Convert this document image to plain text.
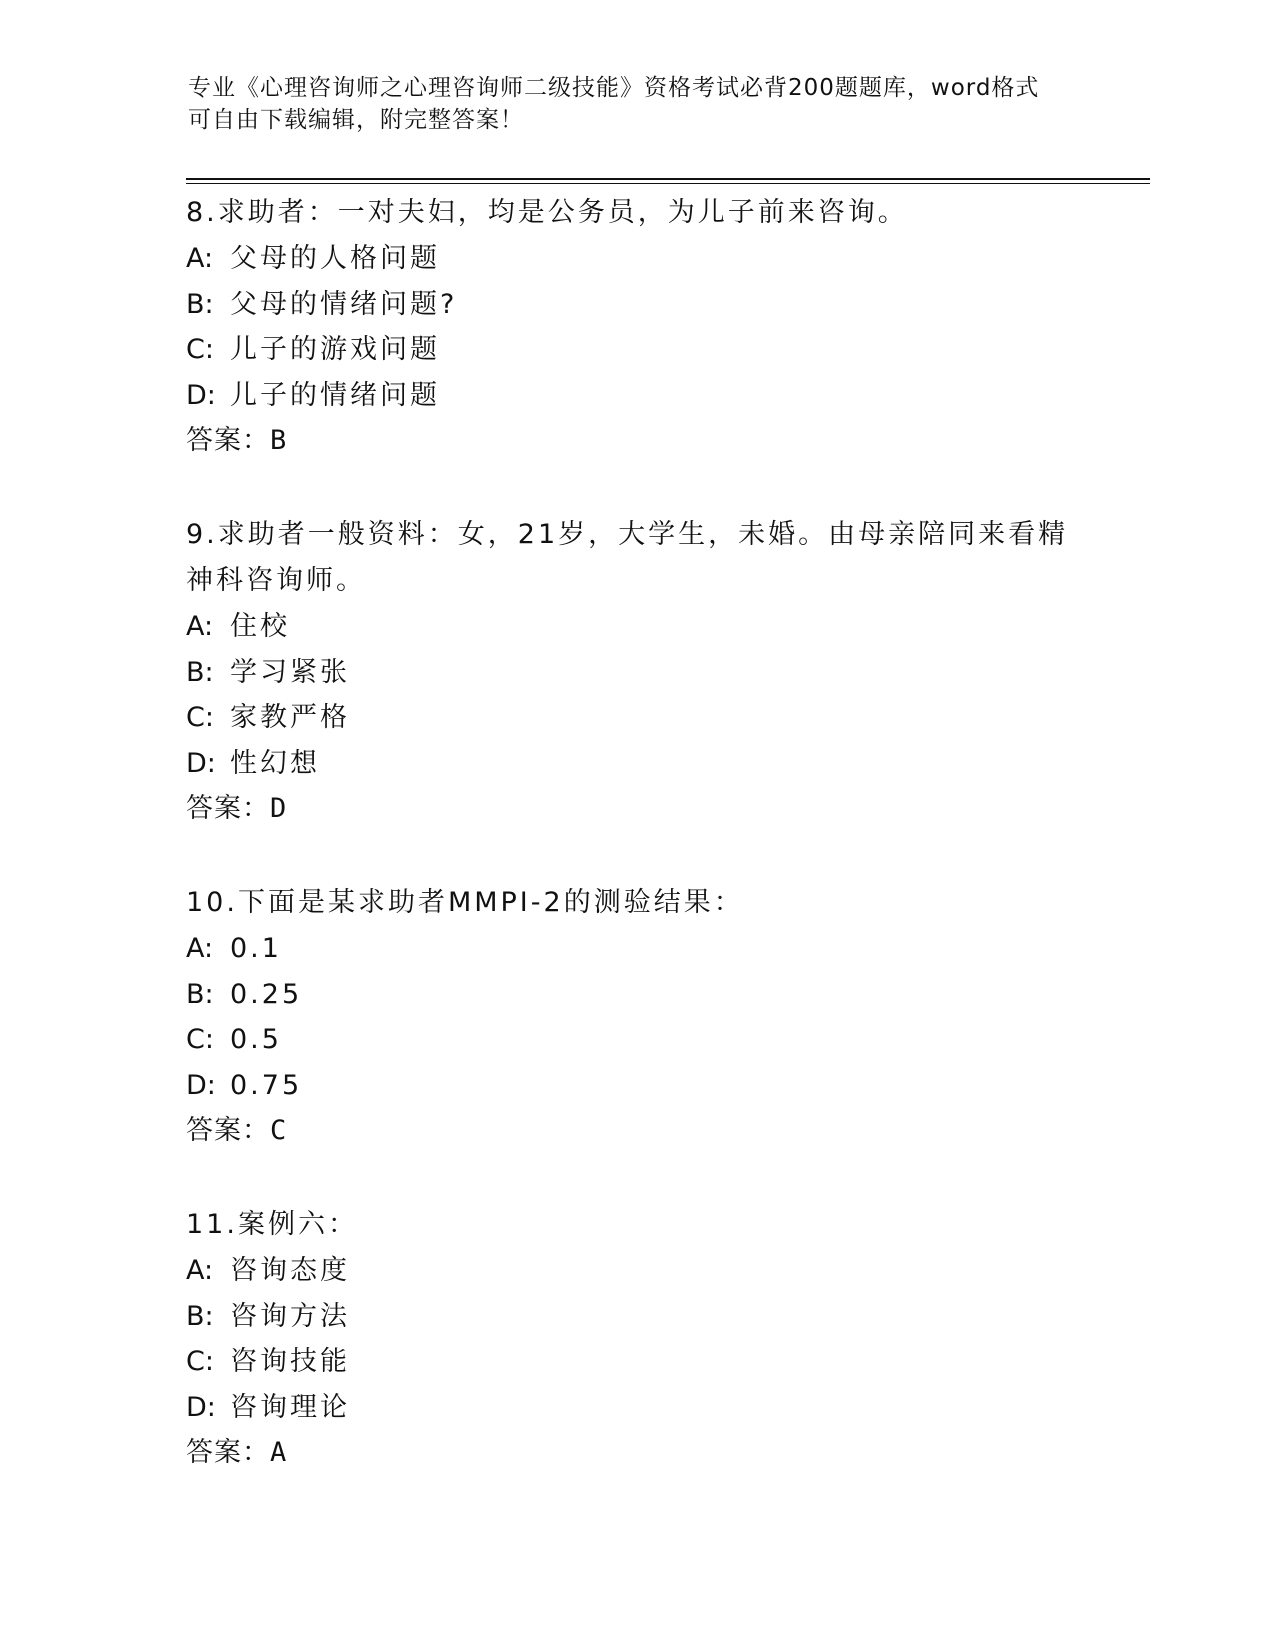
专业《心理咨询师之心理咨询师二级技能》资格考试必背200题题库，word格式
可自由下载编辑，附完整答案！

8.求助者：一对夫妇，均是公务员，为儿子前来咨询。

A: 父母的人格问题
B: 父母的情绪问题?
C: 儿子的游戏问题
D: 儿子的情绪问题
答案：B

9.求助者一般资料：女，21岁，大学生，未婚。由母亲陪同来看精神科咨询师。

A: 住校
B: 学习紧张
C: 家教严格
D: 性幻想
答案：D

10.下面是某求助者MMPI-2的测验结果：

A: 0.1
B: 0.25
C: 0.5
D: 0.75
答案：C

11.案例六：

A: 咨询态度
B: 咨询方法
C: 咨询技能
D: 咨询理论
答案：A
